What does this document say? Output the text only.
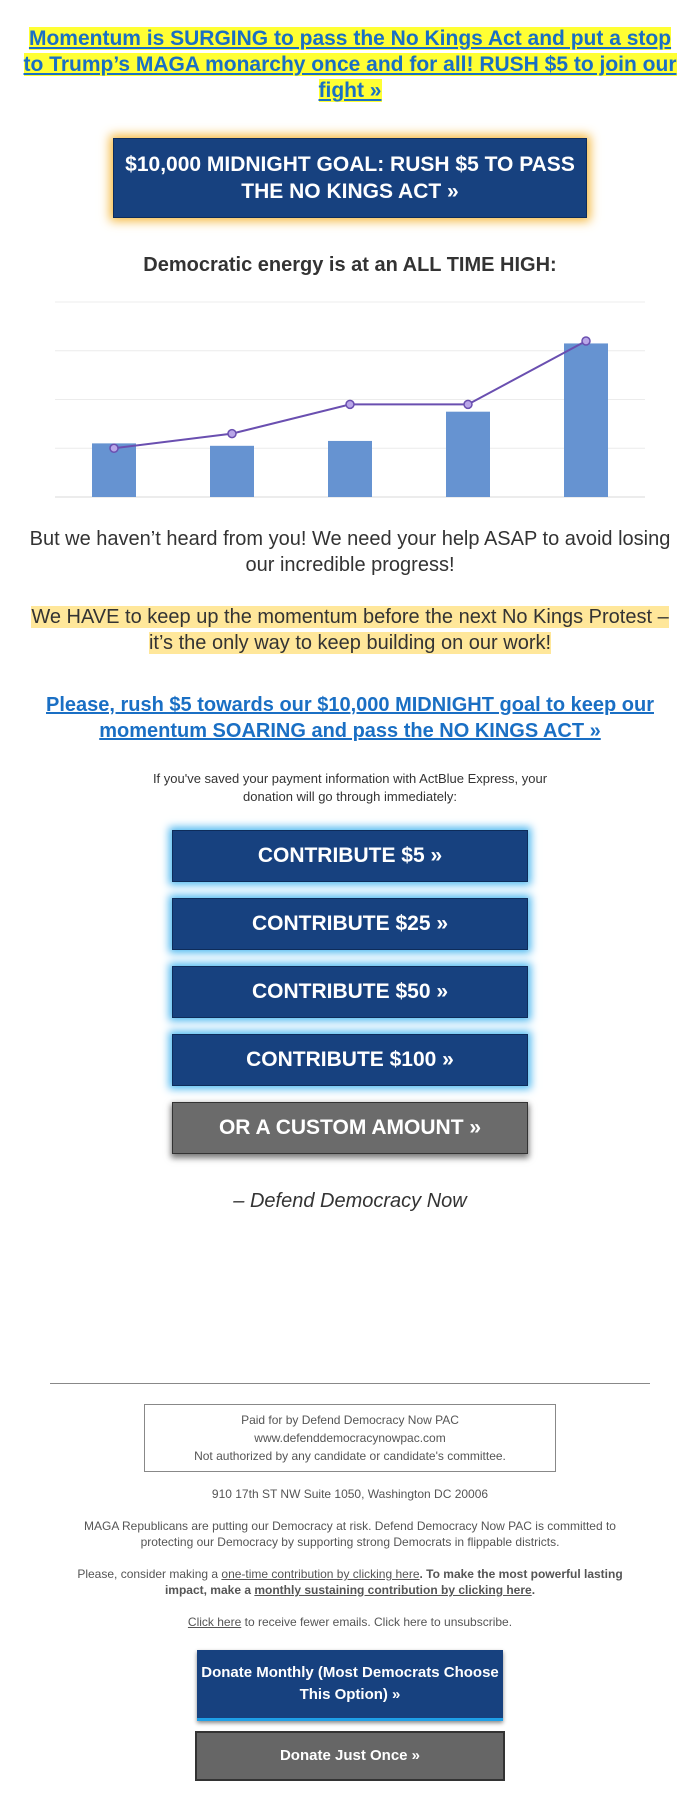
Momentum is SURGING to pass the No Kings Act and put a stop to Trump’s MAGA monarchy once and for all! RUSH $5 to join our fight »
$10,000 MIDNIGHT GOAL: RUSH $5 TO PASS THE NO KINGS ACT »
Democratic energy is at an ALL TIME HIGH:
But we haven’t heard from you! We need your help ASAP to avoid losing our incredible progress!
We HAVE to keep up the momentum before the next No Kings Protest – it’s the only way to keep building on our work!
Please, rush $5 towards our $10,000 MIDNIGHT goal to keep our momentum SOARING and pass the NO KINGS ACT »
If you've saved your payment information with ActBlue Express, your donation will go through immediately:
CONTRIBUTE $5 »
CONTRIBUTE $25 »
CONTRIBUTE $50 »
CONTRIBUTE $100 »
OR A CUSTOM AMOUNT »
– Defend Democracy Now
Paid for by Defend Democracy Now PAC
www.defenddemocracynowpac.com
Not authorized by any candidate or candidate's committee.
910 17th ST NW Suite 1050, Washington DC 20006
MAGA Republicans are putting our Democracy at risk. Defend Democracy Now PAC is committed to protecting our Democracy by supporting strong Democrats in flippable districts.
Please, consider making a one-time contribution by clicking here. To make the most powerful lasting impact, make a monthly sustaining contribution by clicking here.
Click here to receive fewer emails. Click here to unsubscribe.
Donate Monthly (Most Democrats Choose This Option) »
Donate Just Once »
